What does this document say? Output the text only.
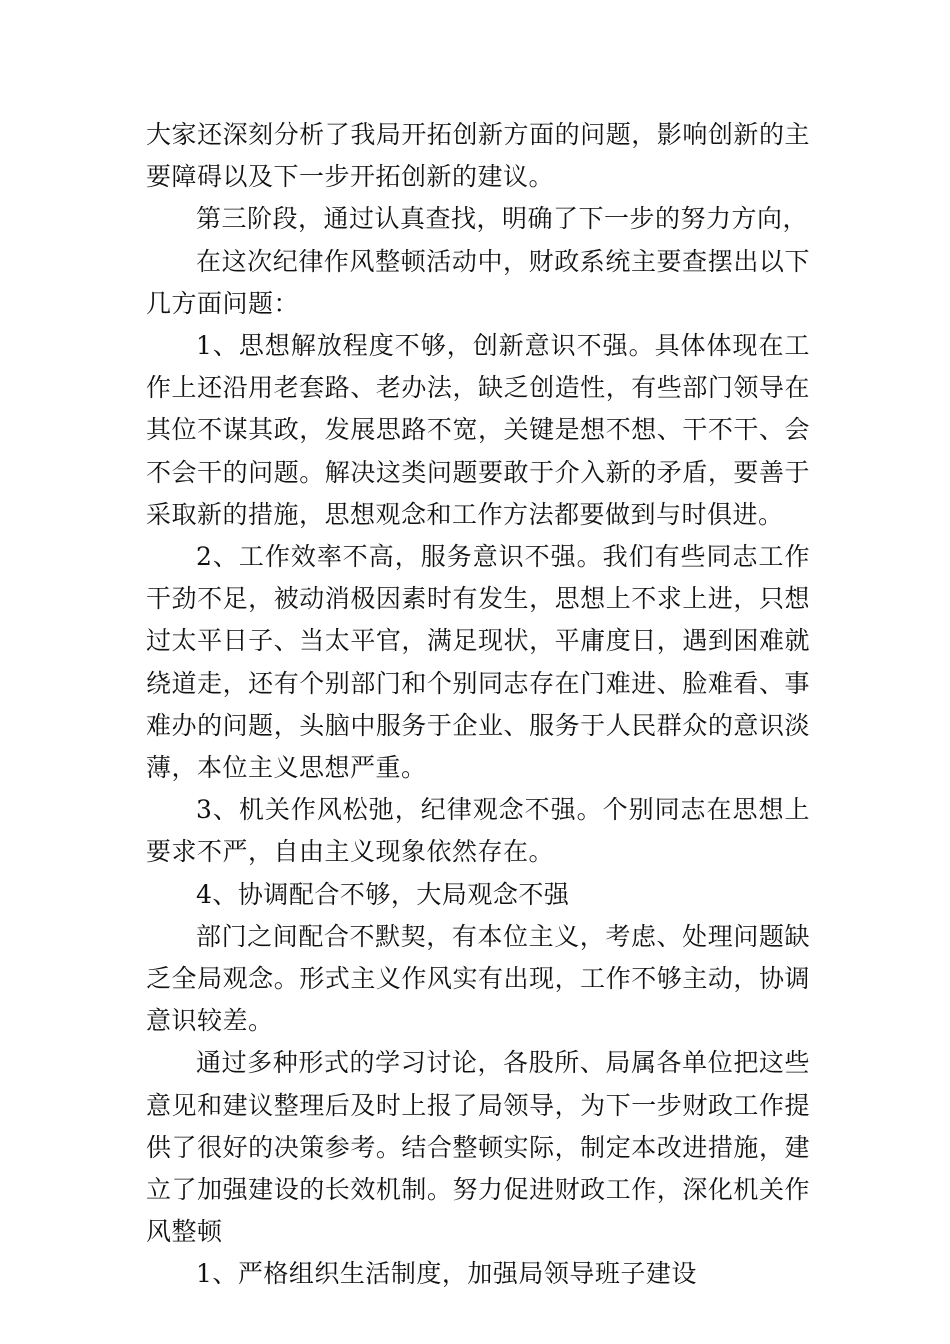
大家还深刻分析了我局开拓创新方面的问题，影响创新的主要障碍以及下一步开拓创新的建议。

第三阶段，通过认真查找，明确了下一步的努力方向，

在这次纪律作风整顿活动中，财政系统主要查摆出以下几方面问题：

1、思想解放程度不够，创新意识不强。具体体现在工作上还沿用老套路、老办法，缺乏创造性，有些部门领导在其位不谋其政，发展思路不宽，关键是想不想、干不干、会不会干的问题。解决这类问题要敢于介入新的矛盾，要善于采取新的措施，思想观念和工作方法都要做到与时俱进。

2、工作效率不高，服务意识不强。我们有些同志工作干劲不足，被动消极因素时有发生，思想上不求上进，只想过太平日子、当太平官，满足现状，平庸度日，遇到困难就绕道走，还有个别部门和个别同志存在门难进、脸难看、事难办的问题，头脑中服务于企业、服务于人民群众的意识淡薄，本位主义思想严重。

3、机关作风松弛，纪律观念不强。个别同志在思想上要求不严，自由主义现象依然存在。

4、协调配合不够，大局观念不强

部门之间配合不默契，有本位主义，考虑、处理问题缺乏全局观念。形式主义作风实有出现，工作不够主动，协调意识较差。

通过多种形式的学习讨论，各股所、局属各单位把这些意见和建议整理后及时上报了局领导，为下一步财政工作提供了很好的决策参考。结合整顿实际，制定本改进措施，建立了加强建设的长效机制。努力促进财政工作，深化机关作风整顿

1、严格组织生活制度，加强局领导班子建设
